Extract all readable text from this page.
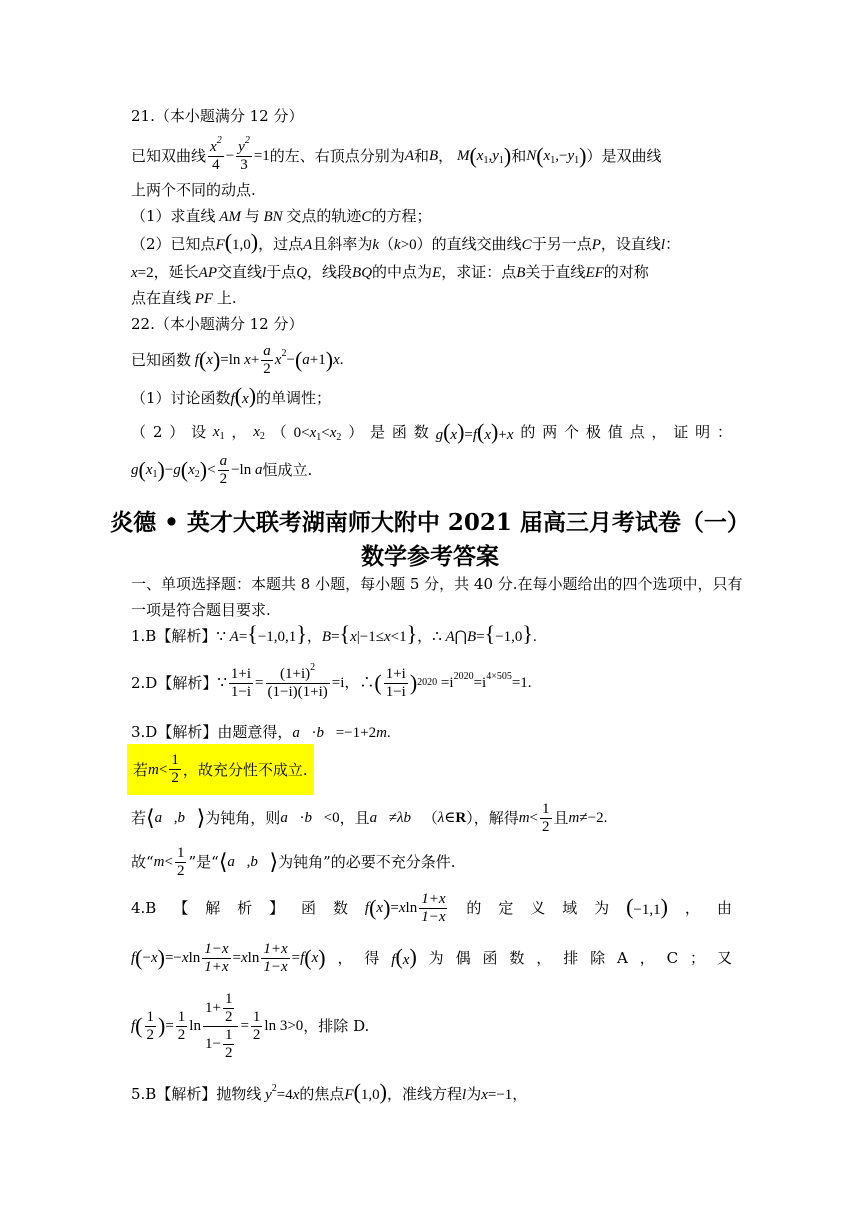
21.（本小题满分 12 分）
已知双曲线 $\frac{x^2}{4} - \frac{y^2}{3} =1$ 的左、右顶点分别为 A 和 B ， M ( $x_1$ , $y_1$ ) 和 N ( $x_1$ ,− $y_1$ ) ）是双曲线
上两个不同的动点.
（1）求直线 AM 与 BN 交点的轨迹C的方程；
（2）已知点F(1,0)，过点A且斜率为k（k>0）的直线交曲线C于另一点P，设直线l：
x=2，延长AP交直线l于点Q，线段BQ的中点为E，求证：点B关于直线EF的对称
点在直线 PF 上.
22.（本小题满分 12 分）
已知函数 f ( x ) =ln $x + \frac{a}{2} x^2$ − ( a +1 ) x .
（1）讨论函数f(x)的单调性；
（ 2 ） 设 $x_1$ ， $x_2$ （ $0<x_1<x_2$ ） 是 函 数 g(x)=f(x)+x 的 两 个 极 值 点 ， 证 明 ：
g ( $x_1$ ) − g ( $x_2$ ) < $\frac{a}{2} -\ln$ a 恒成立.
炎德 • 英才大联考湖南师大附中 2021 届高三月考试卷（一）
数学参考答案
一、单项选择题：本题共 8 小题，每小题 5 分，共 40 分.在每小题给出的四个选项中，只有
一项是符合题目要求.
1.B【解析】∵ A={−1,0,1}，B={x|−1≤x<1}，∴ A⋂B={−1,0}.
2.D【解析】 ∵ $\frac{1+i}{1-i} = \frac{(1+i)^2}{(1-i)(1+i)} =i$，∴ ( $\frac{1+i}{1-i}$ ) $2020 =i^{2020}=i^{4\times 505}=1$.
3.D【解析】由题意得，a⃗·b⃗=−1+2m.
若 $m < \frac{1}{2}$ ，故充分性不成立.
若 ⟨ a⃗ , b⃗ ⟩ 为钝角，则 a⃗ · b⃗ <0 ，且 a⃗ ≠ λb⃗ （ λ ∈R ），解得 $m < \frac{1}{2}$ 且 m ≠−2.
故“ $m < \frac{1}{2}$ ”是“ ⟨ a⃗ , b⃗ ⟩ 为钝角”的必要不充分条件.
4.B 【 解 析 】 函 数 f ( x ) = x $\ln \frac{1+x}{1-x}$ 的 定 义 域 为 (−1,1) ， 由
f ( − x ) =− x $\ln \frac{1-x}{1+x} = x$ $\ln \frac{1+x}{1-x} = f$ ( x ) ， 得 f(x) 为 偶 函 数 ， 排 除 A ， C ； 又
f ( $\frac{1}{2}$ ) = $\frac{1}{2}$ $\ln \frac{1+ \frac{1}{2}}{1- \frac{1}{2}} = \frac{1}{2}$ ln 3>0 ，排除 D.
5.B【解析】抛物线 $y^2=4x$的焦点F(1,0)，准线方程l为x=−1，
